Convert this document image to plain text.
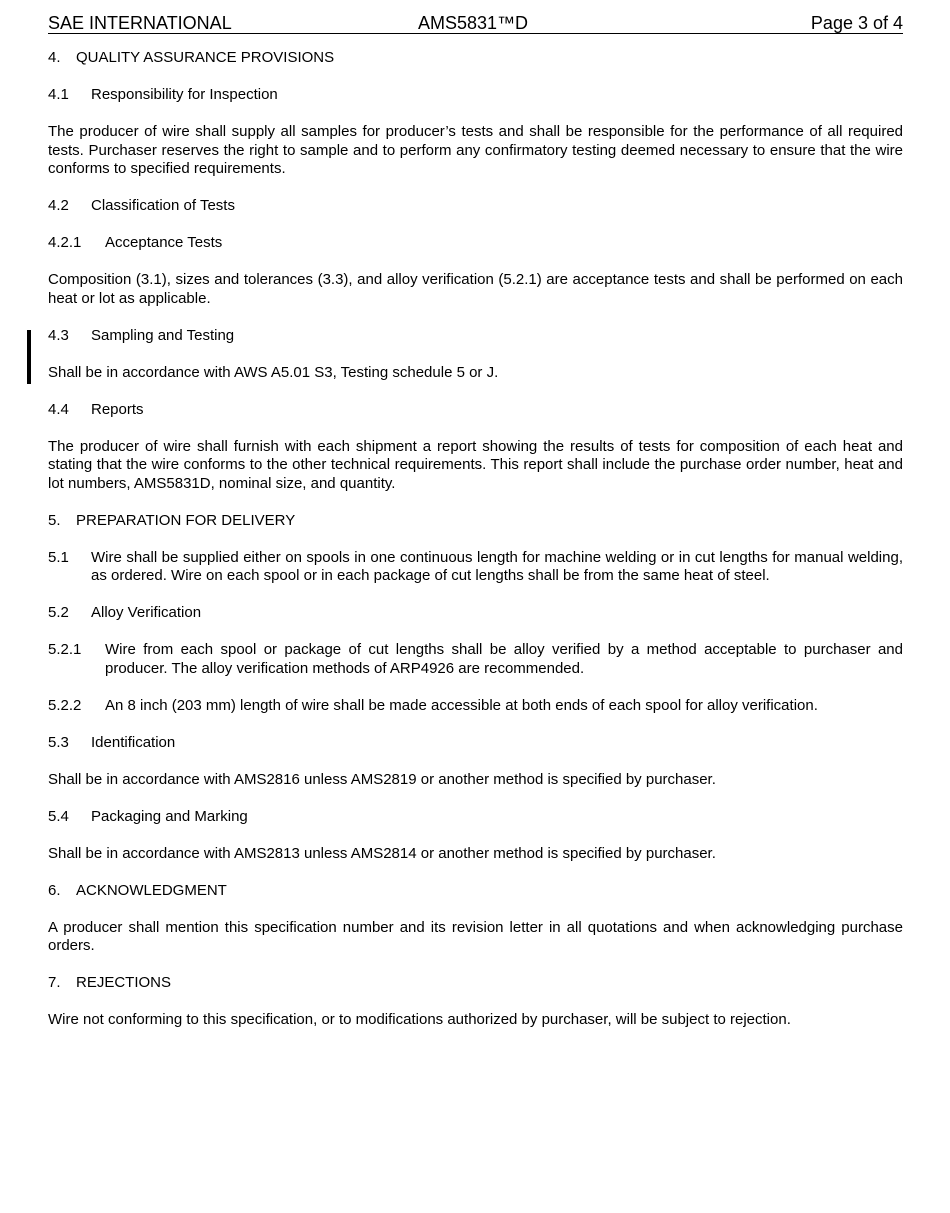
SAE INTERNATIONAL	AMS5831™D	Page 3 of 4
4. QUALITY ASSURANCE PROVISIONS
4.1 Responsibility for Inspection
The producer of wire shall supply all samples for producer’s tests and shall be responsible for the performance of all required tests. Purchaser reserves the right to sample and to perform any confirmatory testing deemed necessary to ensure that the wire conforms to specified requirements.
4.2 Classification of Tests
4.2.1 Acceptance Tests
Composition (3.1), sizes and tolerances (3.3), and alloy verification (5.2.1) are acceptance tests and shall be performed on each heat or lot as applicable.
4.3 Sampling and Testing
Shall be in accordance with AWS A5.01 S3, Testing schedule 5 or J.
4.4 Reports
The producer of wire shall furnish with each shipment a report showing the results of tests for composition of each heat and stating that the wire conforms to the other technical requirements. This report shall include the purchase order number, heat and lot numbers, AMS5831D, nominal size, and quantity.
5. PREPARATION FOR DELIVERY
5.1	Wire shall be supplied either on spools in one continuous length for machine welding or in cut lengths for manual welding, as ordered. Wire on each spool or in each package of cut lengths shall be from the same heat of steel.
5.2 Alloy Verification
5.2.1	Wire from each spool or package of cut lengths shall be alloy verified by a method acceptable to purchaser and producer. The alloy verification methods of ARP4926 are recommended.
5.2.2	An 8 inch (203 mm) length of wire shall be made accessible at both ends of each spool for alloy verification.
5.3 Identification
Shall be in accordance with AMS2816 unless AMS2819 or another method is specified by purchaser.
5.4 Packaging and Marking
Shall be in accordance with AMS2813 unless AMS2814 or another method is specified by purchaser.
6. ACKNOWLEDGMENT
A producer shall mention this specification number and its revision letter in all quotations and when acknowledging purchase orders.
7. REJECTIONS
Wire not conforming to this specification, or to modifications authorized by purchaser, will be subject to rejection.
